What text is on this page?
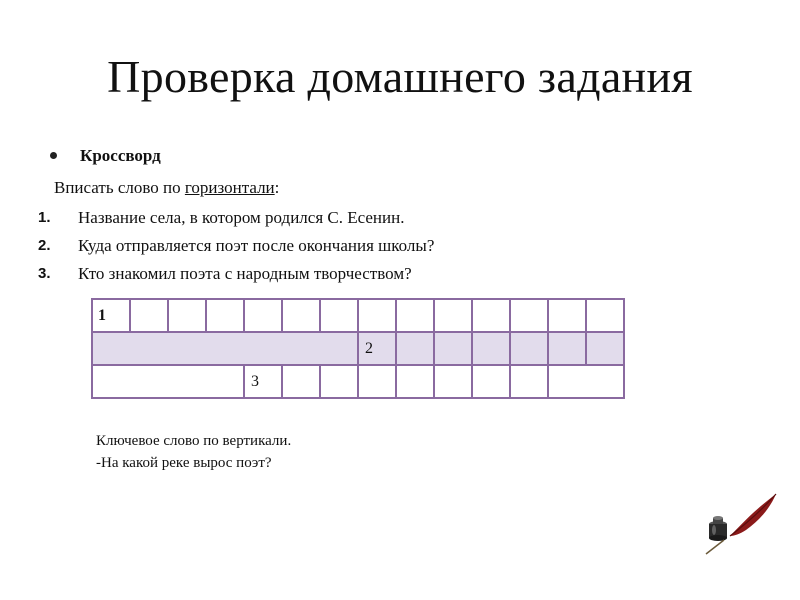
Проверка домашнего задания
Кроссворд
Вписать слово по горизонтали:
1. Название села, в котором родился С. Есенин.
2. Куда отправляется поэт после окончания школы?
3. Кто знакомил поэта с народным творчеством?
1													
							2						
				3									
Ключевое слово по вертикали.
-На какой реке вырос поэт?
